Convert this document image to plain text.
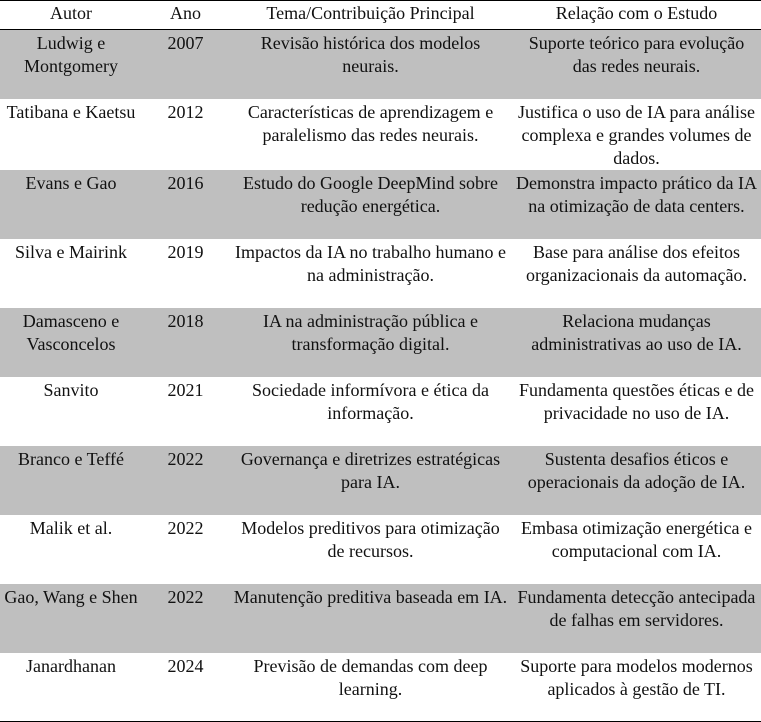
Autor	Ano	Tema/Contribuição Principal	Relação com o Estudo
Ludwig e Montgomery	2007	Revisão histórica dos modelos neurais.	Suporte teórico para evolução das redes neurais.
Tatibana e Kaetsu	2012	Características de aprendizagem e paralelismo das redes neurais.	Justifica o uso de IA para análise complexa e grandes volumes de dados.
Evans e Gao	2016	Estudo do Google DeepMind sobre redução energética.	Demonstra impacto prático da IA na otimização de data centers.
Silva e Mairink	2019	Impactos da IA no trabalho humano e na administração.	Base para análise dos efeitos organizacionais da automação.
Damasceno e Vasconcelos	2018	IA na administração pública e transformação digital.	Relaciona mudanças administrativas ao uso de IA.
Sanvito	2021	Sociedade informívora e ética da informação.	Fundamenta questões éticas e de privacidade no uso de IA.
Branco e Teffé	2022	Governança e diretrizes estratégicas para IA.	Sustenta desafios éticos e operacionais da adoção de IA.
Malik et al.	2022	Modelos preditivos para otimização de recursos.	Embasa otimização energética e computacional com IA.
Gao, Wang e Shen	2022	Manutenção preditiva baseada em IA.	Fundamenta detecção antecipada de falhas em servidores.
Janardhanan	2024	Previsão de demandas com deep learning.	Suporte para modelos modernos aplicados à gestão de TI.
